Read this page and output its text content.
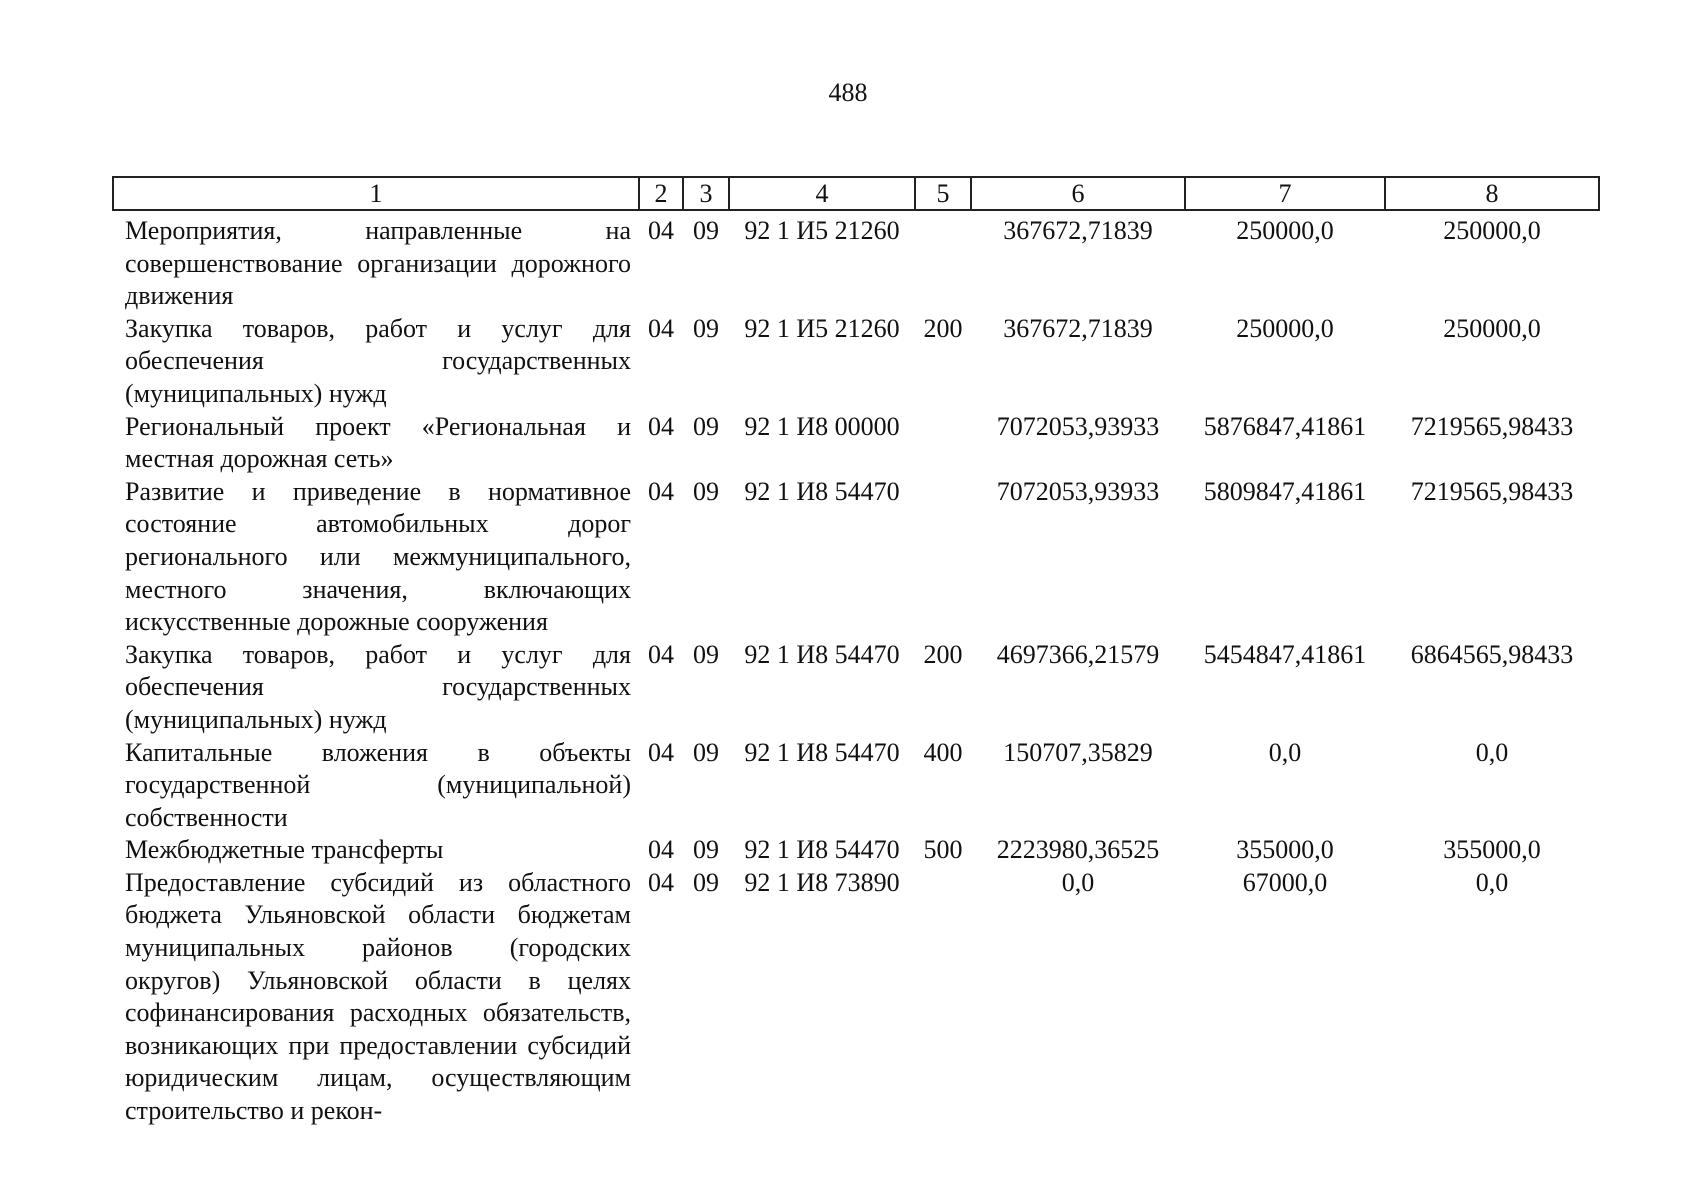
488
1	2	3	4	5	6	7	8
Мероприятия, направленные на совершенствование организации дорожного движения	04	09	92 1 И5 21260		367672,71839	250000,0	250000,0
Закупка товаров, работ и услуг для обеспечения государственных (муниципальных) нужд	04	09	92 1 И5 21260	200	367672,71839	250000,0	250000,0
Региональный проект «Региональная и местная дорожная сеть»	04	09	92 1 И8 00000		7072053,93933	5876847,41861	7219565,98433
Развитие и приведение в нормативное состояние автомобильных дорог регионального или межмуниципального, местного значения, включающих искусственные дорожные сооружения	04	09	92 1 И8 54470		7072053,93933	5809847,41861	7219565,98433
Закупка товаров, работ и услуг для обеспечения государственных (муниципальных) нужд	04	09	92 1 И8 54470	200	4697366,21579	5454847,41861	6864565,98433
Капитальные вложения в объекты государственной (муниципальной) собственности	04	09	92 1 И8 54470	400	150707,35829	0,0	0,0
Межбюджетные трансферты	04	09	92 1 И8 54470	500	2223980,36525	355000,0	355000,0
Предоставление субсидий из областного бюджета Ульяновской области бюджетам муниципальных районов (городских округов) Ульяновской области в целях софинансирования расходных обязательств, возникающих при предоставлении субсидий юридическим лицам, осуществляющим строительство и рекон-	04	09	92 1 И8 73890		0,0	67000,0	0,0
